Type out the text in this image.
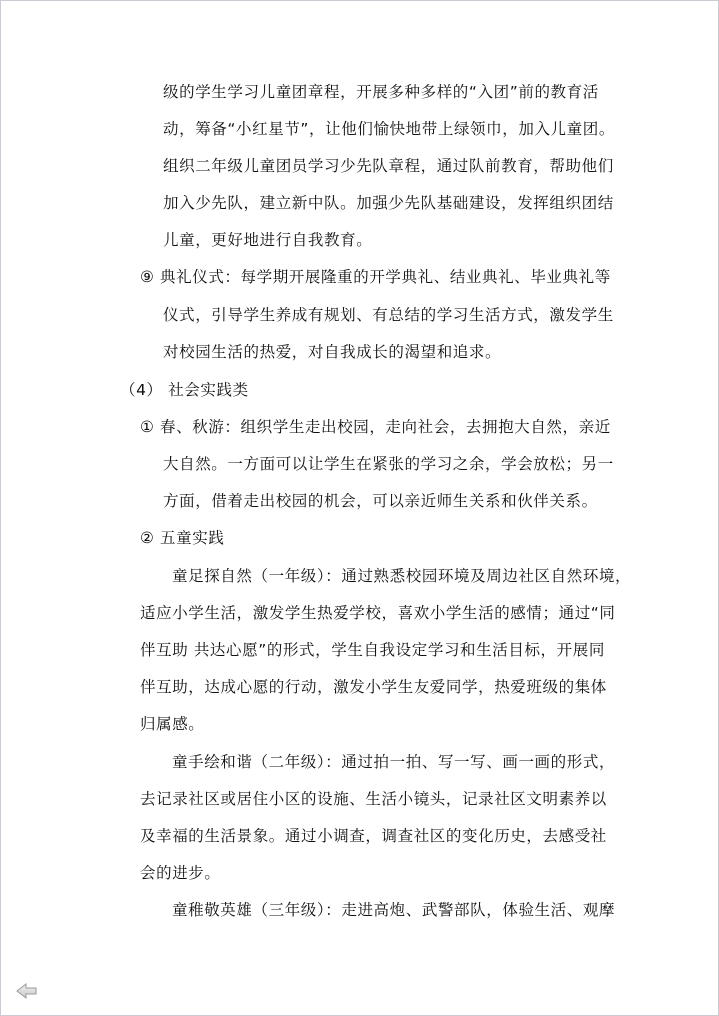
级的学生学习儿童团章程，开展多种多样的“入团”前的教育活
动，筹备“小红星节”，让他们愉快地带上绿领巾，加入儿童团。
组织二年级儿童团员学习少先队章程，通过队前教育，帮助他们
加入少先队，建立新中队。加强少先队基础建设，发挥组织团结
儿童，更好地进行自我教育。
⑨ 典礼仪式：每学期开展隆重的开学典礼、结业典礼、毕业典礼等
仪式，引导学生养成有规划、有总结的学习生活方式，激发学生
对校园生活的热爱，对自我成长的渴望和追求。
（4） 社会实践类
① 春、秋游：组织学生走出校园，走向社会，去拥抱大自然，亲近
大自然。一方面可以让学生在紧张的学习之余，学会放松；另一
方面，借着走出校园的机会，可以亲近师生关系和伙伴关系。
② 五童实践
童足探自然（一年级）：通过熟悉校园环境及周边社区自然环境，
适应小学生活，激发学生热爱学校，喜欢小学生活的感情；通过“同
伴互助 共达心愿”的形式，学生自我设定学习和生活目标，开展同
伴互助，达成心愿的行动，激发小学生友爱同学，热爱班级的集体
归属感。
童手绘和谐（二年级）：通过拍一拍、写一写、画一画的形式，
去记录社区或居住小区的设施、生活小镜头，记录社区文明素养以
及幸福的生活景象。通过小调查，调查社区的变化历史，去感受社
会的进步。
童稚敬英雄（三年级）：走进高炮、武警部队，体验生活、观摩
